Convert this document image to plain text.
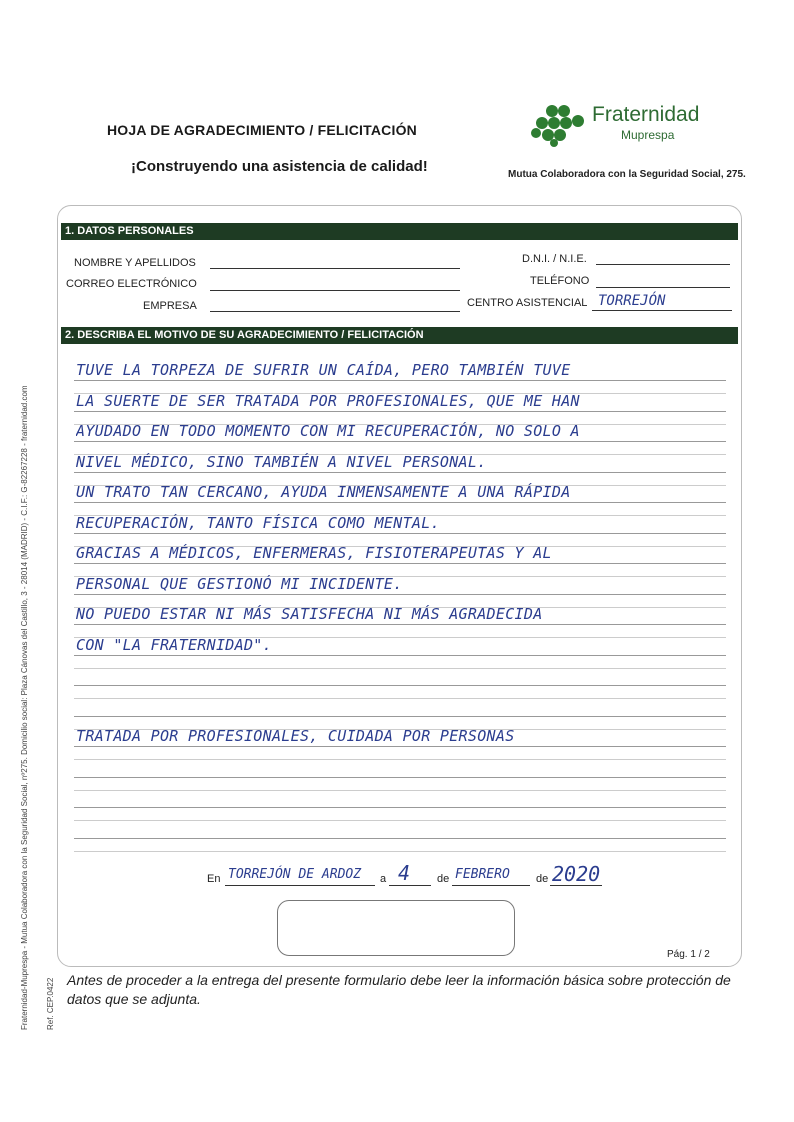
HOJA DE AGRADECIMIENTO / FELICITACIÓN
¡Construyendo una asistencia de calidad!
Fraternidad
Muprespa
Mutua Colaboradora con la Seguridad Social, 275.
Fraternidad-Muprespa - Mutua Colaboradora con la Seguridad Social, nº275. Domicilio social: Plaza Cánovas del Castillo, 3 - 28014 (MADRID) - C.I.F.: G-82267228 - fraternidad.com Ref. CEP.0422
1. DATOS PERSONALES
NOMBRE Y APELLIDOS	D.N.I. / N.I.E.
CORREO ELECTRÓNICO	TELÉFONO
EMPRESA	CENTRO ASISTENCIAL TORREJÓN
2. DESCRIBA EL MOTIVO DE SU AGRADECIMIENTO / FELICITACIÓN
TUVE LA TORPEZA DE SUFRIR UN CAÍDA, PERO TAMBIÉN TUVE
LA SUERTE DE SER TRATADA POR PROFESIONALES, QUE ME HAN
AYUDADO EN TODO MOMENTO CON MI RECUPERACIÓN, NO SOLO A
NIVEL MÉDICO, SINO TAMBIÉN A NIVEL PERSONAL.
UN TRATO TAN CERCANO, AYUDA INMENSAMENTE A UNA RÁPIDA
RECUPERACIÓN, TANTO FÍSICA COMO MENTAL.
GRACIAS A MÉDICOS, ENFERMERAS, FISIOTERAPEUTAS Y AL
PERSONAL QUE GESTIONÓ MI INCIDENTE.
NO PUEDO ESTAR NI MÁS SATISFECHA NI MÁS AGRADECIDA
CON "LA FRATERNIDAD".
TRATADA POR PROFESIONALES, CUIDADA POR PERSONAS
En TORREJÓN DE ARDOZ a 4 de FEBRERO de 2020
Pág. 1 / 2
Antes de proceder a la entrega del presente formulario debe leer la información básica sobre protección de datos que se adjunta.
